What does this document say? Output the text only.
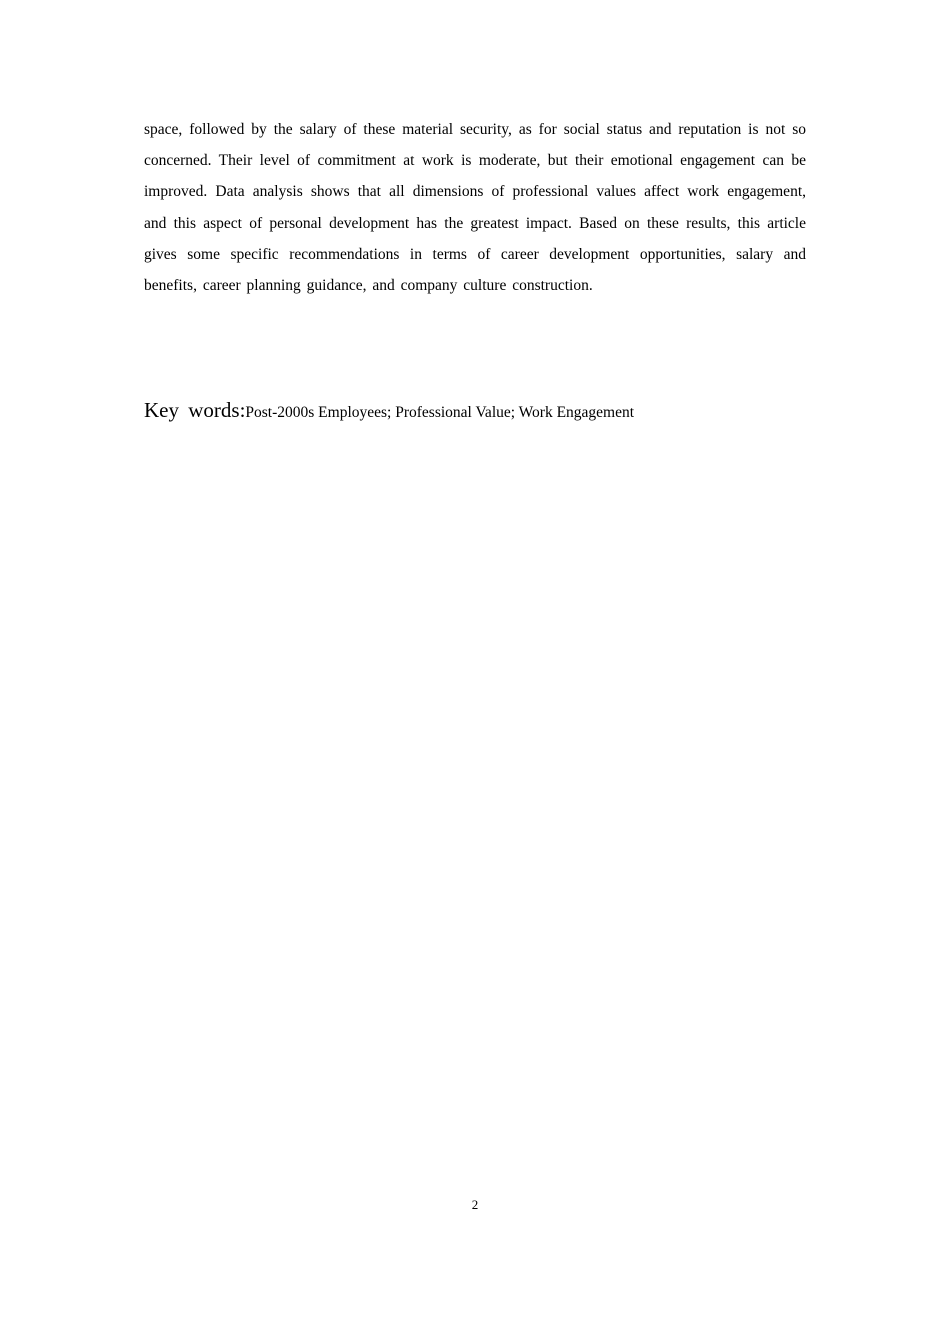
space, followed by the salary of these material security, as for social status and reputation is not so concerned. Their level of commitment at work is moderate, but their emotional engagement can be improved. Data analysis shows that all dimensions of professional values affect work engagement, and this aspect of personal development has the greatest impact. Based on these results, this article gives some specific recommendations in terms of career development opportunities, salary and benefits, career planning guidance, and company culture construction.

Key words:Post-2000s Employees; Professional Value; Work Engagement

2
